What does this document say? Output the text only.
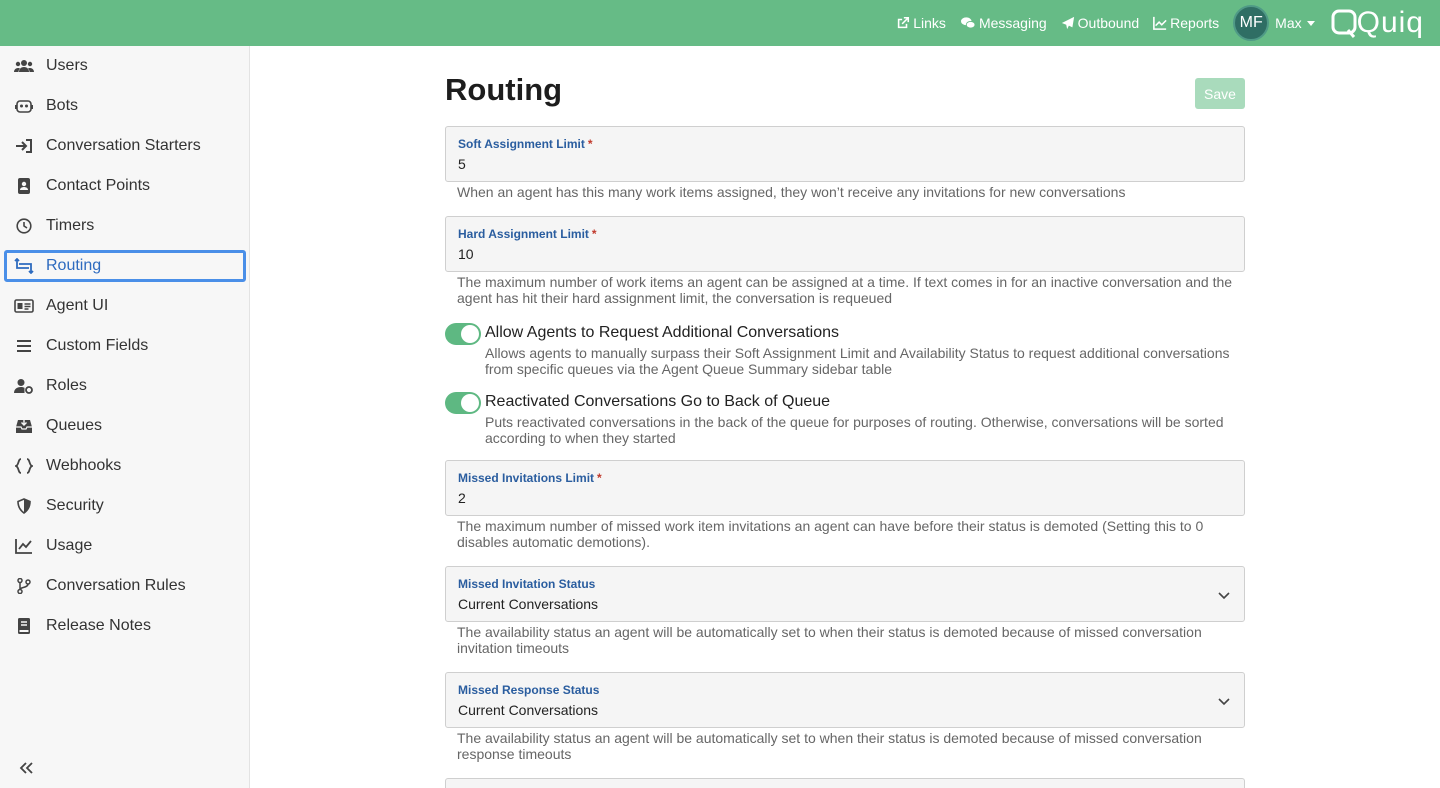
Links Messaging Outbound Reports	MF Max Quiq
Users
Bots
Conversation Starters
Contact Points
Timers
Routing
Agent UI
Custom Fields
Roles
Queues
Webhooks
Security
Usage
Conversation Rules
Release Notes
Routing	Save
Soft Assignment Limit *
5
When an agent has this many work items assigned, they won’t receive any invitations for new conversations
Hard Assignment Limit *
10
The maximum number of work items an agent can be assigned at a time. If text comes in for an inactive conversation and the agent has hit their hard assignment limit, the conversation is requeued
Allow Agents to Request Additional Conversations
Allows agents to manually surpass their Soft Assignment Limit and Availability Status to request additional conversations from specific queues via the Agent Queue Summary sidebar table
Reactivated Conversations Go to Back of Queue
Puts reactivated conversations in the back of the queue for purposes of routing. Otherwise, conversations will be sorted according to when they started
Missed Invitations Limit *
2
The maximum number of missed work item invitations an agent can have before their status is demoted (Setting this to 0 disables automatic demotions).
Missed Invitation Status
Current Conversations
The availability status an agent will be automatically set to when their status is demoted because of missed conversation invitation timeouts
Missed Response Status
Current Conversations
The availability status an agent will be automatically set to when their status is demoted because of missed conversation response timeouts
